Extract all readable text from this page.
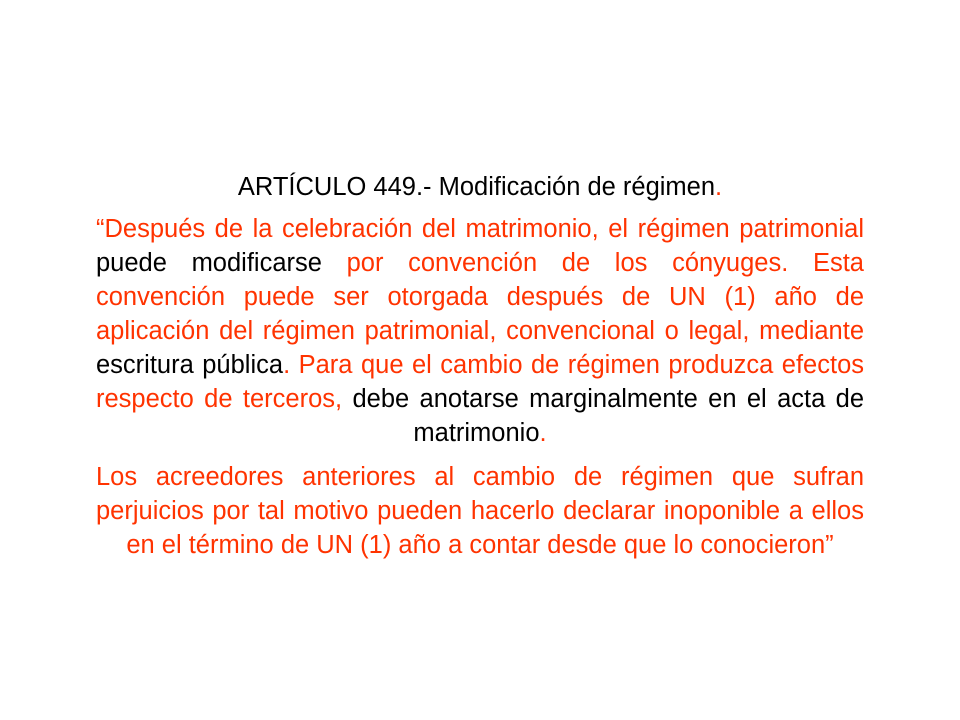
ARTÍCULO 449.- Modificación de régimen.

“Después de la celebración del matrimonio, el régimen patrimonial puede modificarse por convención de los cónyuges. Esta convención puede ser otorgada después de UN (1) año de aplicación del régimen patrimonial, convencional o legal, mediante escritura pública. Para que el cambio de régimen produzca efectos respecto de terceros, debe anotarse marginalmente en el acta de matrimonio.

Los acreedores anteriores al cambio de régimen que sufran perjuicios por tal motivo pueden hacerlo declarar inoponible a ellos en el término de UN (1) año a contar desde que lo conocieron”
